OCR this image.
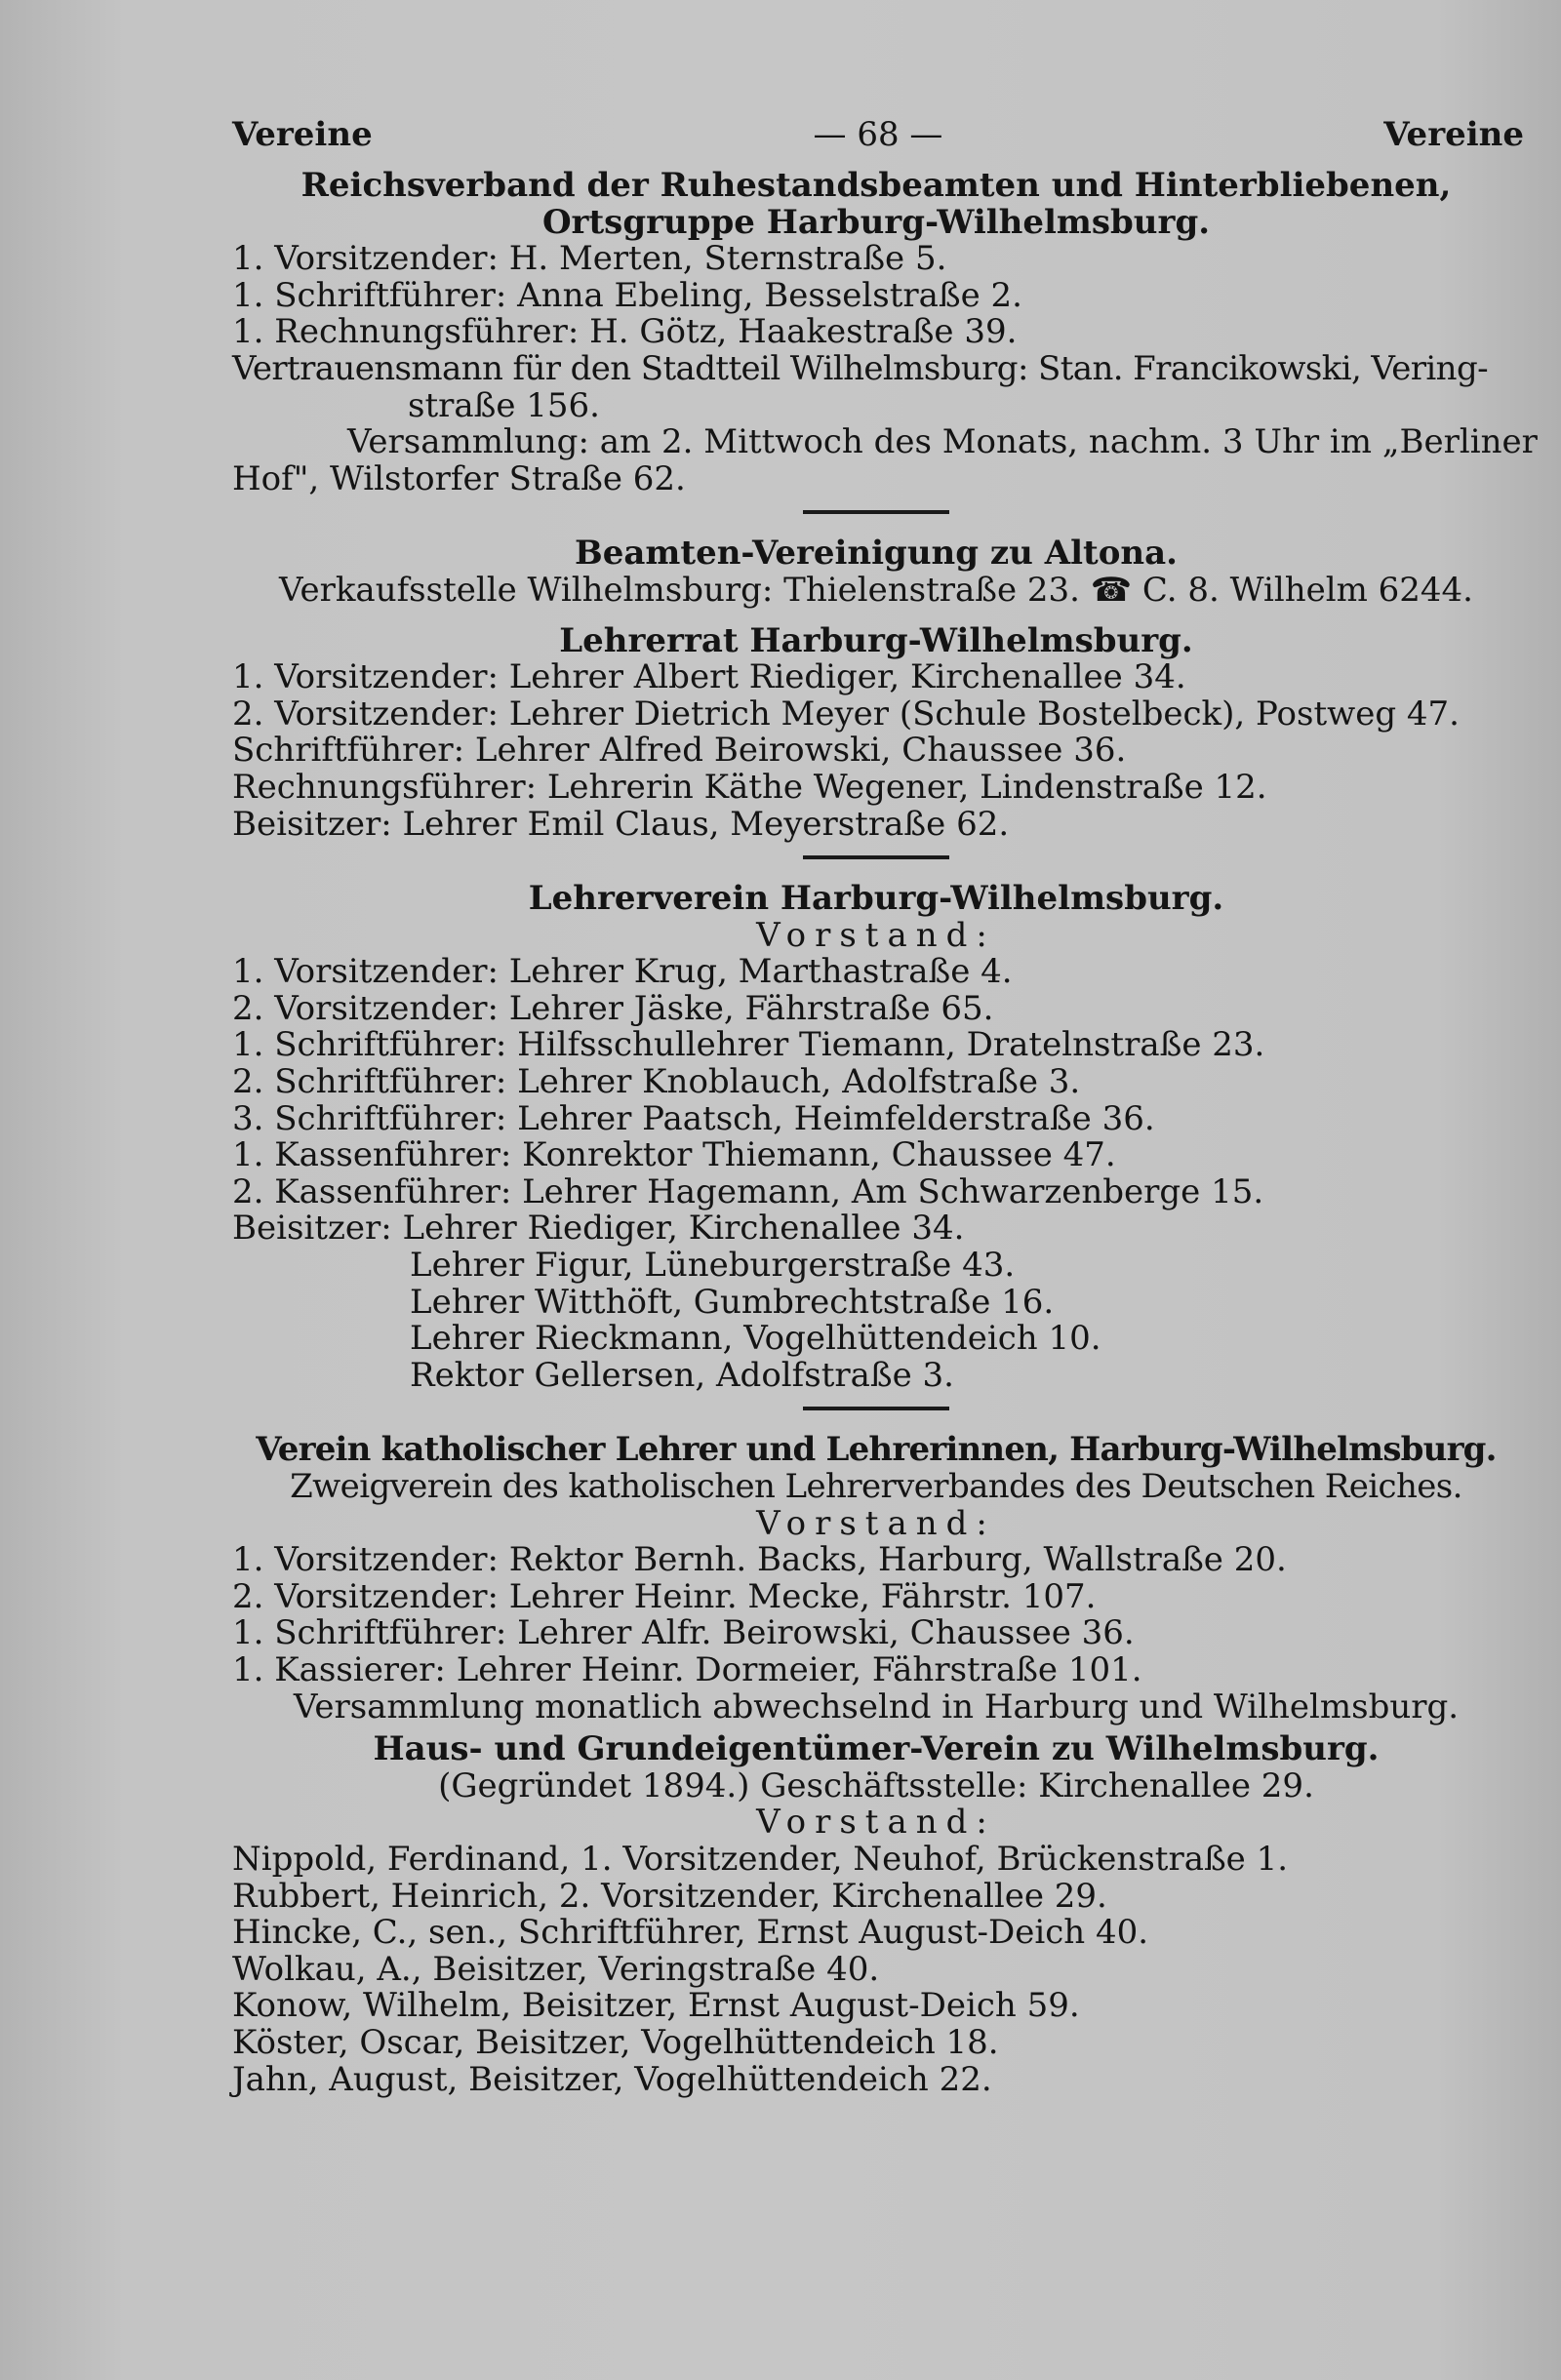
Vereine	— 68 —	Vereine
Reichsverband der Ruhestandsbeamten und Hinterbliebenen,
Ortsgruppe Harburg-Wilhelmsburg.
1. Vorsitzender: H. Merten, Sternstraße 5.
1. Schriftführer: Anna Ebeling, Besselstraße 2.
1. Rechnungsführer: H. Götz, Haakestraße 39.
Vertrauensmann für den Stadtteil Wilhelmsburg: Stan. Francikowski, Vering-
straße 156.
Versammlung: am 2. Mittwoch des Monats, nachm. 3 Uhr im „Berliner
Hof", Wilstorfer Straße 62.
Beamten-Vereinigung zu Altona.
Verkaufsstelle Wilhelmsburg: Thielenstraße 23. ☎ C. 8. Wilhelm 6244.
Lehrerrat Harburg-Wilhelmsburg.
1. Vorsitzender: Lehrer Albert Riediger, Kirchenallee 34.
2. Vorsitzender: Lehrer Dietrich Meyer (Schule Bostelbeck), Postweg 47.
Schriftführer: Lehrer Alfred Beirowski, Chaussee 36.
Rechnungsführer: Lehrerin Käthe Wegener, Lindenstraße 12.
Beisitzer: Lehrer Emil Claus, Meyerstraße 62.
Lehrerverein Harburg-Wilhelmsburg.
Vorstand:
1. Vorsitzender: Lehrer Krug, Marthastraße 4.
2. Vorsitzender: Lehrer Jäske, Fährstraße 65.
1. Schriftführer: Hilfsschullehrer Tiemann, Dratelnstraße 23.
2. Schriftführer: Lehrer Knoblauch, Adolfstraße 3.
3. Schriftführer: Lehrer Paatsch, Heimfelderstraße 36.
1. Kassenführer: Konrektor Thiemann, Chaussee 47.
2. Kassenführer: Lehrer Hagemann, Am Schwarzenberge 15.
Beisitzer: Lehrer Riediger, Kirchenallee 34.
Lehrer Figur, Lüneburgerstraße 43.
Lehrer Witthöft, Gumbrechtstraße 16.
Lehrer Rieckmann, Vogelhüttendeich 10.
Rektor Gellersen, Adolfstraße 3.
Verein katholischer Lehrer und Lehrerinnen, Harburg-Wilhelmsburg.
Zweigverein des katholischen Lehrerverbandes des Deutschen Reiches.
Vorstand:
1. Vorsitzender: Rektor Bernh. Backs, Harburg, Wallstraße 20.
2. Vorsitzender: Lehrer Heinr. Mecke, Fährstr. 107.
1. Schriftführer: Lehrer Alfr. Beirowski, Chaussee 36.
1. Kassierer: Lehrer Heinr. Dormeier, Fährstraße 101.
Versammlung monatlich abwechselnd in Harburg und Wilhelmsburg.
Haus- und Grundeigentümer-Verein zu Wilhelmsburg.
(Gegründet 1894.) Geschäftsstelle: Kirchenallee 29.
Vorstand:
Nippold, Ferdinand, 1. Vorsitzender, Neuhof, Brückenstraße 1.
Rubbert, Heinrich, 2. Vorsitzender, Kirchenallee 29.
Hincke, C., sen., Schriftführer, Ernst August-Deich 40.
Wolkau, A., Beisitzer, Veringstraße 40.
Konow, Wilhelm, Beisitzer, Ernst August-Deich 59.
Köster, Oscar, Beisitzer, Vogelhüttendeich 18.
Jahn, August, Beisitzer, Vogelhüttendeich 22.
